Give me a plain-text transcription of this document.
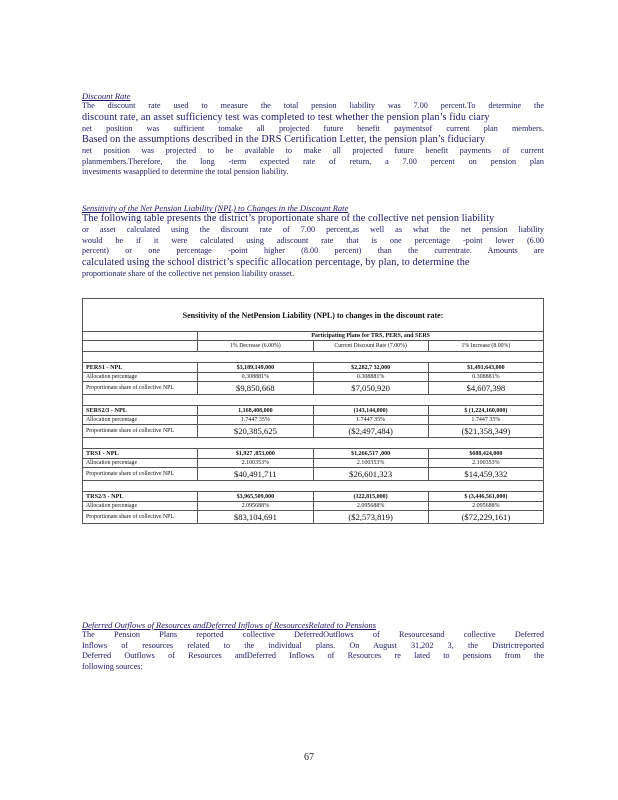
Discount Rate
The discount rate used to measure the total pension liability was 7.00 percent.To determine the
discount rate, an asset sufficiency test was completed to test whether the pension plan’s fidu ciary
net position was sufficient tomake all projected future benefit paymentsof current plan members.
Based on the assumptions described in the DRS Certification Letter, the pension plan’s fiduciary
net position was projected to be available to make all projected future benefit payments of current
planmembers.Therefore, the long -term expected rate of return, a 7.00 percent on pension plan
investments wasapplied to determine the total pension liability.
Sensitivity of the Net Pension Liability (NPL) to Changes in the Discount Rate
The following table presents the district’s proportionate share of the collective net pension liability
or asset calculated using the discount rate of 7.00 percent,as well as what the net pension liability
would be if it were calculated using adiscount rate that is one percentage -point lower (6.00
percent) or one percentage -point higher (8.00 percent) than the currentrate. Amounts are
calculated using the school district’s specific allocation percentage, by plan, to determine the
proportionate share of the collective net pension liability orasset.
Sensitivity of the NetPension Liability (NPL) to changes in the discount rate:			
	Participating Plans for TRS, PERS, and SERS		
	1% Decrease (6.00%)	Current Discount Rate (7.00%)	1% Increase (8.00%)

PERS1 - NPL	$3,189,149,000	$2,282,7 32,000	$1,491,643,000
Allocation percentage	0.308881%	0.308881%	0.308881%
Proportionate share of collective NPL	$9,850,668	$7,050,920	$4,607,398

SERS2/3 - NPL	1,168,408,000	(143,144,000)	$ (1,224,160,000)
Allocation percentage	1.7447 35%	1.7447 35%	1.7447 35%
Proportionate share of collective NPL	$20,385,625	($2,497,484)	($21,358,349)

TRS1 - NPL	$1,927 ,853,000	$1,266,517 ,000	$688,424,000
Allocation percentage	2.100353%	2.100353%	2.100353%
Proportionate share of collective NPL	$40,491,711	$26,601,323	$14,459,332

TRS2/3 - NPL	$3,965,509,000	(122,815,000)	$ (3,446,561,000)
Allocation percentage	2.095688%	2.095688%	2.095688%
Proportionate share of collective NPL	$83,104,691	($2,573,819)	($72,229,161)
Deferred Outflows of Resources andDeferred Inflows of ResourcesRelated to Pensions
The Pension Plans reported collective DeferredOutflows of Resourcesand collective Deferred
Inflows of resources related to the individual plans. On August 31,202 3, the Districtreported
Deferred Outflows of Resources andDeferred Inflows of Resources re lated to pensions from the
following sources:
67
